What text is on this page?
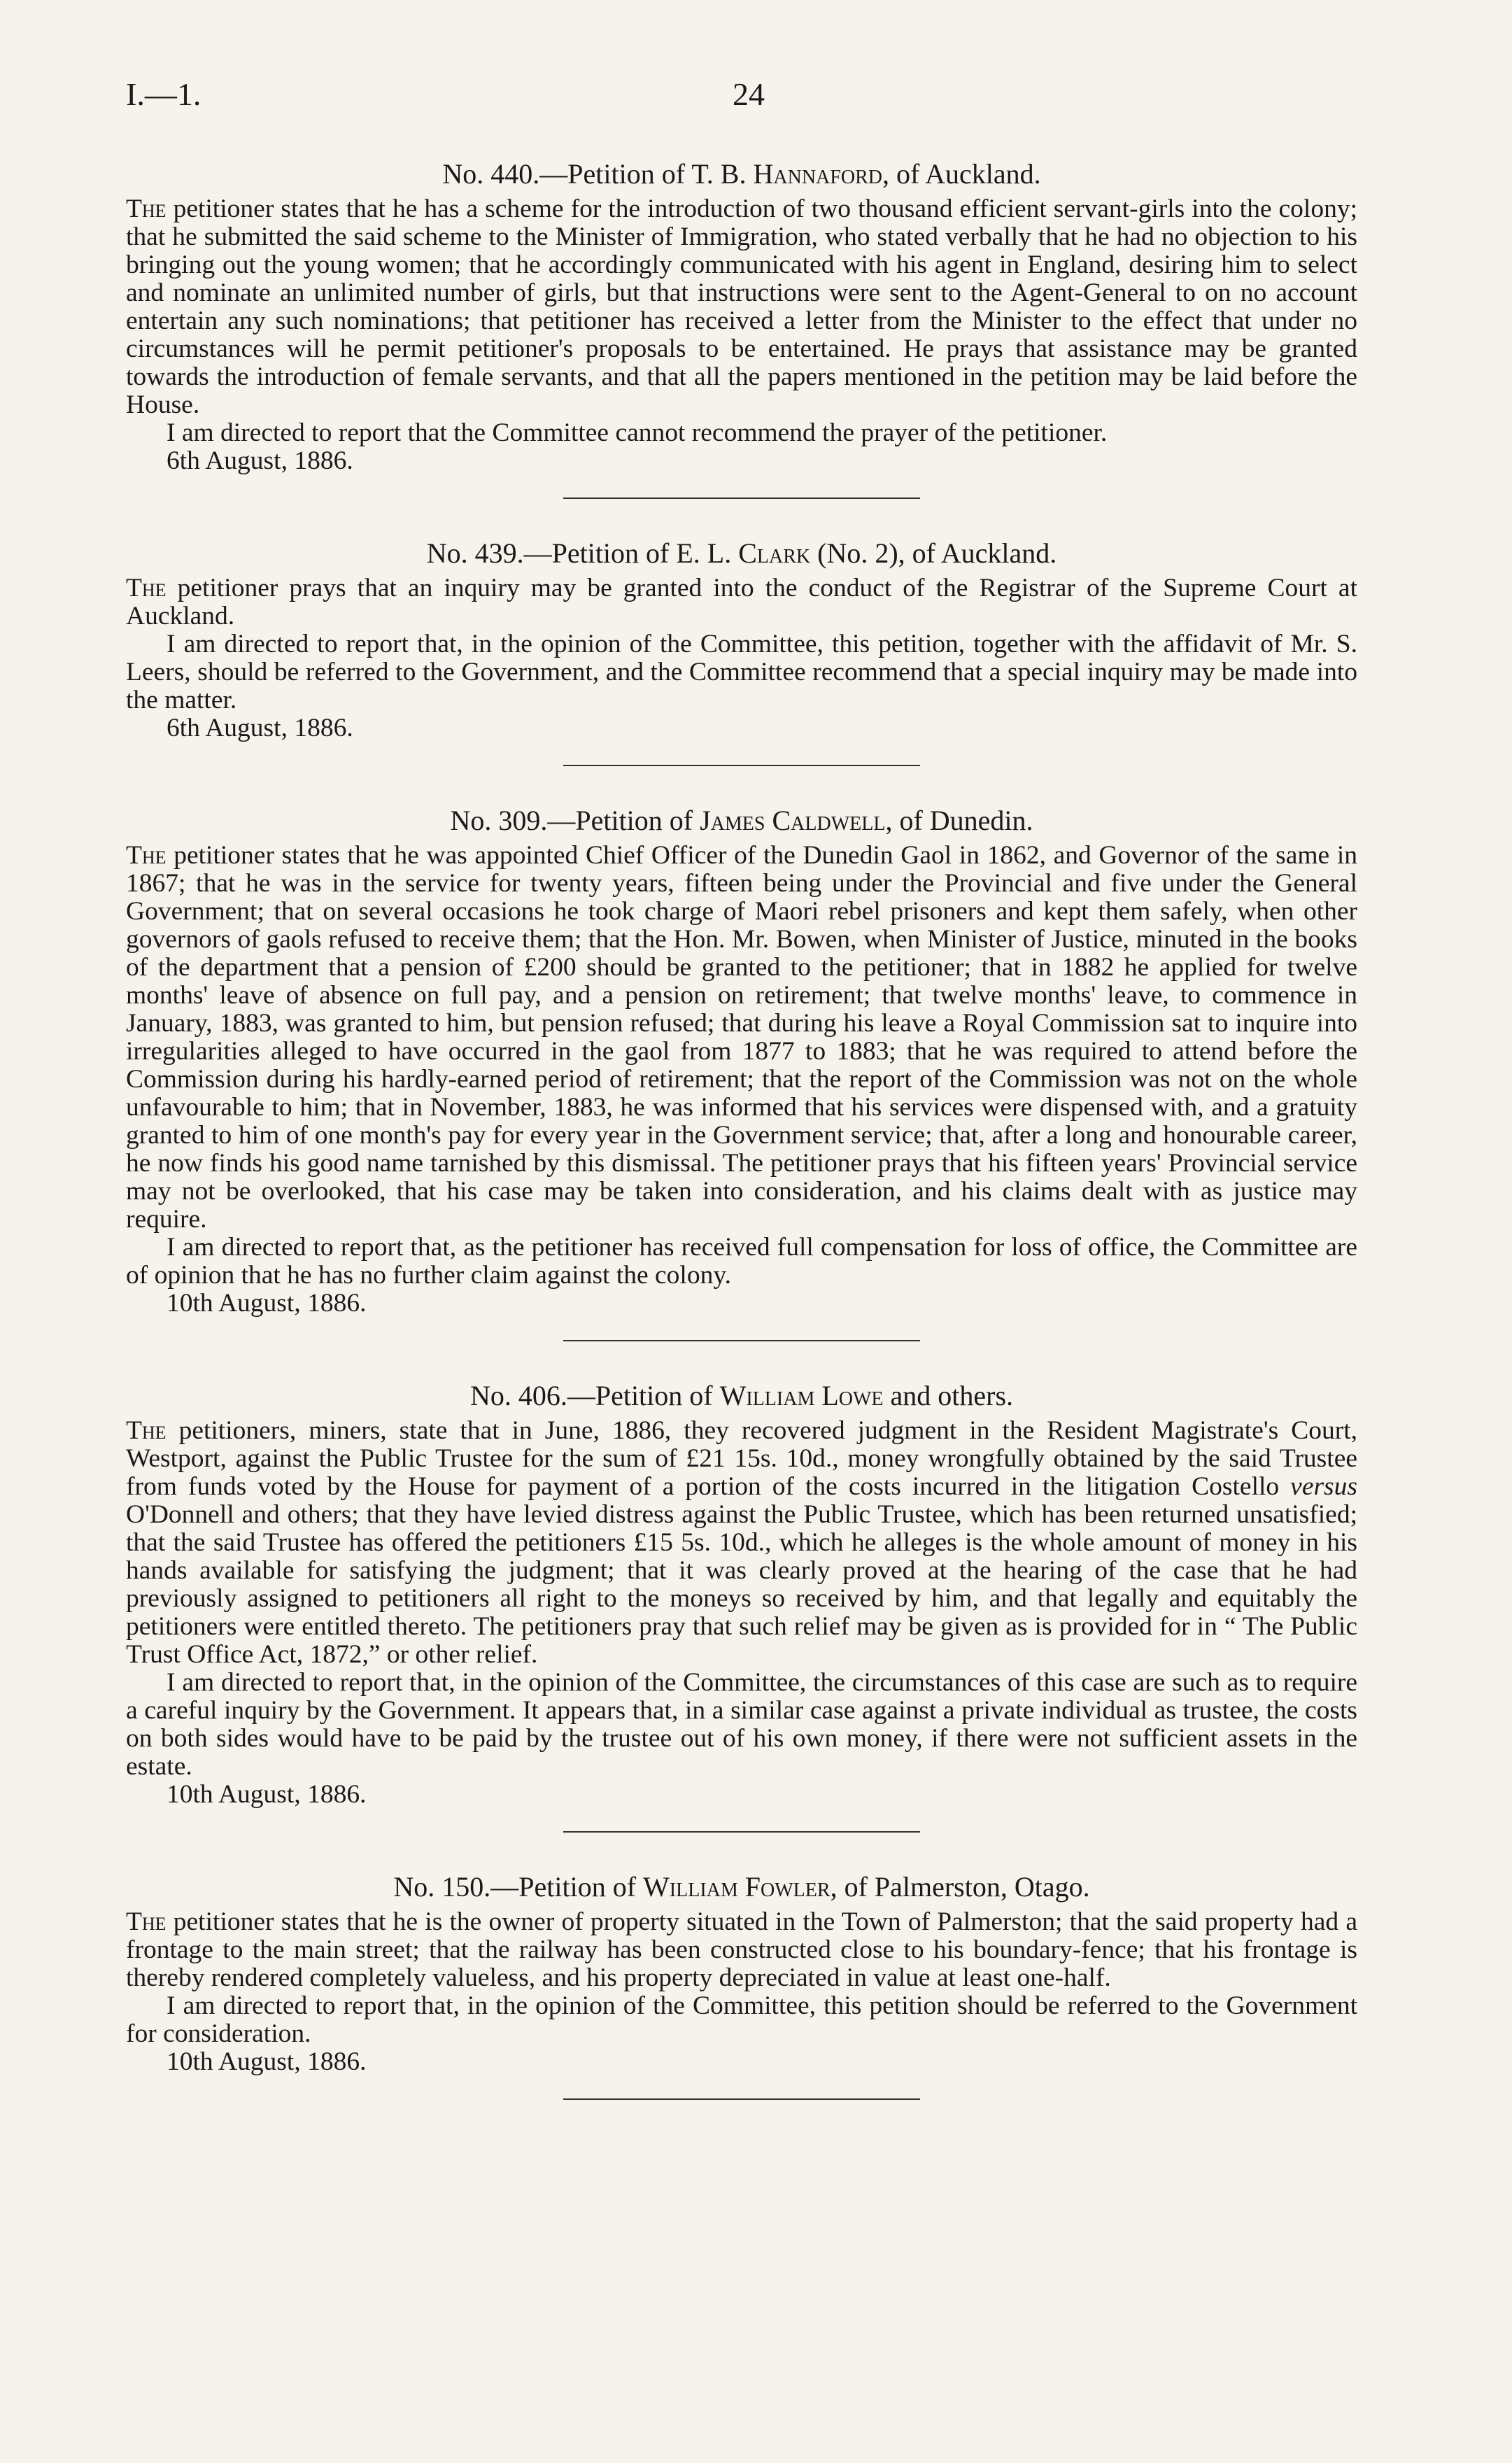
I.—1.	24
No. 440.—Petition of T. B. Hannaford, of Auckland.

The petitioner states that he has a scheme for the introduction of two thousand efficient servant-girls into the colony; that he submitted the said scheme to the Minister of Immigration, who stated verbally that he had no objection to his bringing out the young women; that he accordingly communicated with his agent in England, desiring him to select and nominate an unlimited number of girls, but that instructions were sent to the Agent-General to on no account entertain any such nominations; that petitioner has received a letter from the Minister to the effect that under no circumstances will he permit petitioner's proposals to be entertained. He prays that assistance may be granted towards the introduction of female servants, and that all the papers mentioned in the petition may be laid before the House.

I am directed to report that the Committee cannot recommend the prayer of the petitioner.

6th August, 1886.

No. 439.—Petition of E. L. Clark (No. 2), of Auckland.

The petitioner prays that an inquiry may be granted into the conduct of the Registrar of the Supreme Court at Auckland.

I am directed to report that, in the opinion of the Committee, this petition, together with the affidavit of Mr. S. Leers, should be referred to the Government, and the Committee recommend that a special inquiry may be made into the matter.

6th August, 1886.

No. 309.—Petition of James Caldwell, of Dunedin.

The petitioner states that he was appointed Chief Officer of the Dunedin Gaol in 1862, and Governor of the same in 1867; that he was in the service for twenty years, fifteen being under the Provincial and five under the General Government; that on several occasions he took charge of Maori rebel prisoners and kept them safely, when other governors of gaols refused to receive them; that the Hon. Mr. Bowen, when Minister of Justice, minuted in the books of the department that a pension of £200 should be granted to the petitioner; that in 1882 he applied for twelve months' leave of absence on full pay, and a pension on retirement; that twelve months' leave, to commence in January, 1883, was granted to him, but pension refused; that during his leave a Royal Commission sat to inquire into irregularities alleged to have occurred in the gaol from 1877 to 1883; that he was required to attend before the Commission during his hardly-earned period of retirement; that the report of the Commission was not on the whole unfavourable to him; that in November, 1883, he was informed that his services were dispensed with, and a gratuity granted to him of one month's pay for every year in the Government service; that, after a long and honourable career, he now finds his good name tarnished by this dismissal. The petitioner prays that his fifteen years' Provincial service may not be overlooked, that his case may be taken into consideration, and his claims dealt with as justice may require.

I am directed to report that, as the petitioner has received full compensation for loss of office, the Committee are of opinion that he has no further claim against the colony.

10th August, 1886.

No. 406.—Petition of William Lowe and others.

The petitioners, miners, state that in June, 1886, they recovered judgment in the Resident Magistrate's Court, Westport, against the Public Trustee for the sum of £21 15s. 10d., money wrongfully obtained by the said Trustee from funds voted by the House for payment of a portion of the costs incurred in the litigation Costello versus O'Donnell and others; that they have levied distress against the Public Trustee, which has been returned unsatisfied; that the said Trustee has offered the petitioners £15 5s. 10d., which he alleges is the whole amount of money in his hands available for satisfying the judgment; that it was clearly proved at the hearing of the case that he had previously assigned to petitioners all right to the moneys so received by him, and that legally and equitably the petitioners were entitled thereto. The petitioners pray that such relief may be given as is provided for in “ The Public Trust Office Act, 1872,” or other relief.

I am directed to report that, in the opinion of the Committee, the circumstances of this case are such as to require a careful inquiry by the Government. It appears that, in a similar case against a private individual as trustee, the costs on both sides would have to be paid by the trustee out of his own money, if there were not sufficient assets in the estate.

10th August, 1886.

No. 150.—Petition of William Fowler, of Palmerston, Otago.

The petitioner states that he is the owner of property situated in the Town of Palmerston; that the said property had a frontage to the main street; that the railway has been constructed close to his boundary-fence; that his frontage is thereby rendered completely valueless, and his property depreciated in value at least one-half.

I am directed to report that, in the opinion of the Committee, this petition should be referred to the Government for consideration.

10th August, 1886.
